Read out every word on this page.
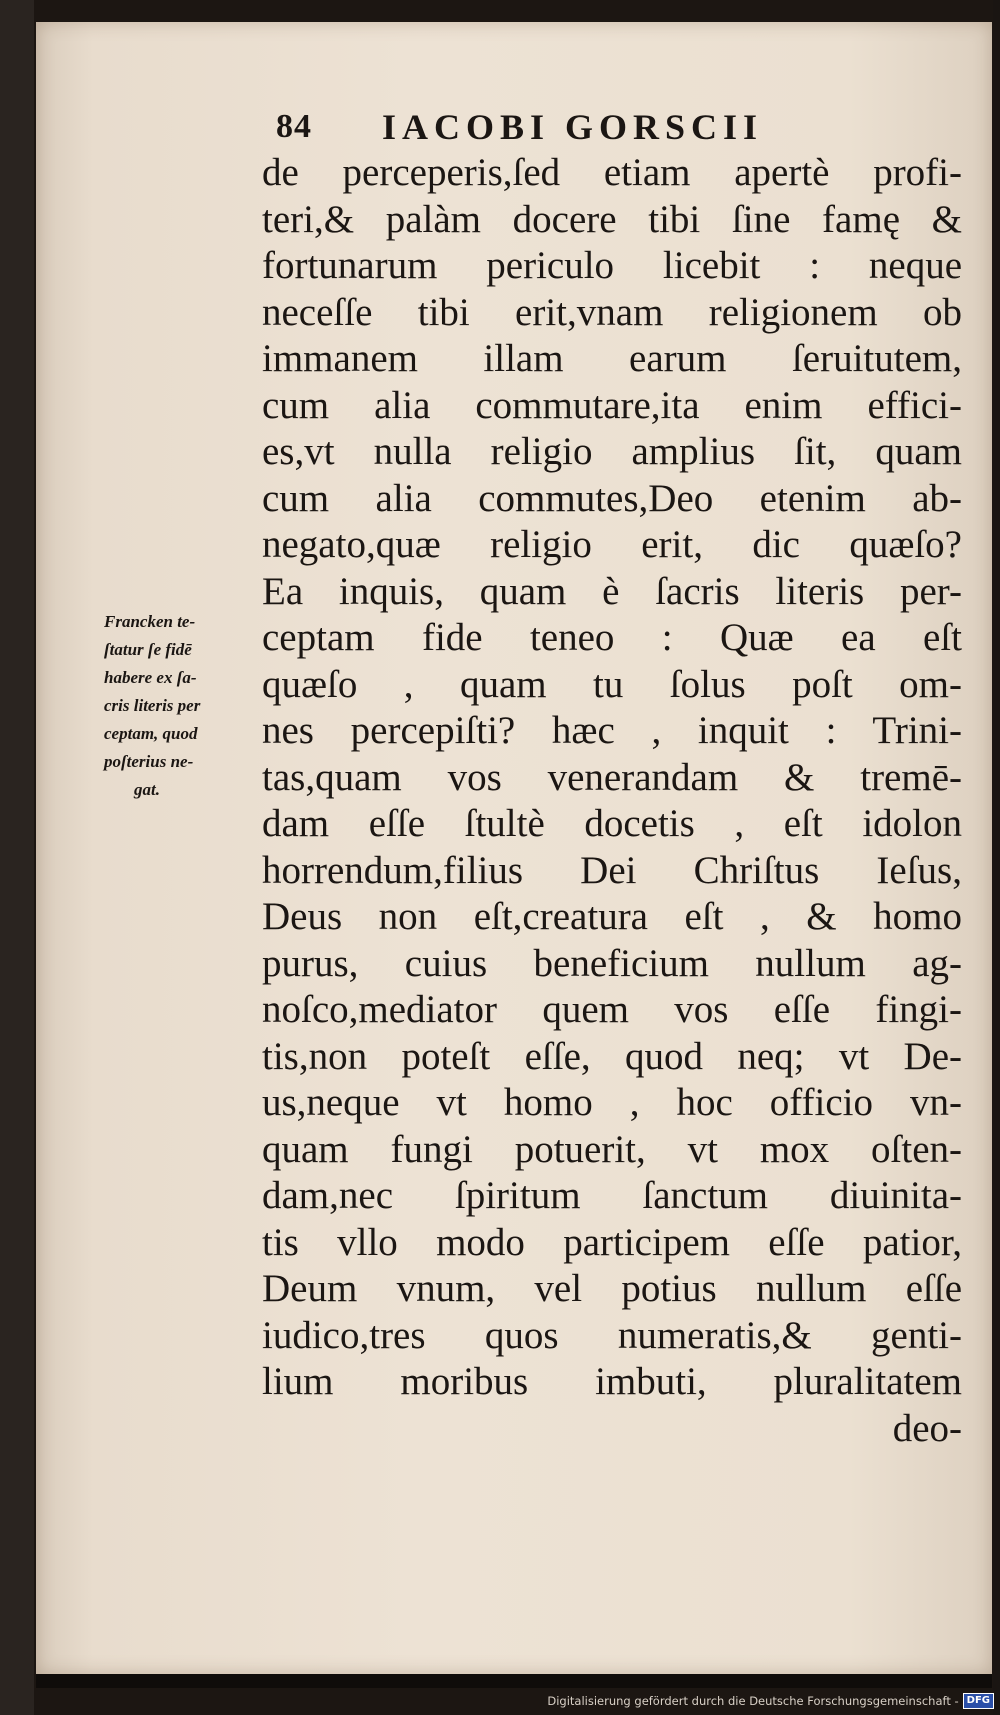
84 IACOBI GORSCII
de perceperis,ſed etiam apertè profi-
teri,& palàm docere tibi ſine famę &
fortunarum periculo licebit : neque
neceſſe tibi erit,vnam religionem ob
immanem illam earum ſeruitutem,
cum alia commutare,ita enim effici-
es,vt nulla religio amplius ſit, quam
cum alia commutes,Deo etenim ab-
negato,quæ religio erit, dic quæſo?
Ea inquis, quam è ſacris literis per-
ceptam fide teneo : Quæ ea eſt
quæſo , quam tu ſolus poſt om-
nes percepiſti? hæc , inquit : Trini-
tas,quam vos venerandam & tremē-
dam eſſe ſtultè docetis , eſt idolon
horrendum,filius Dei Chriſtus Ieſus,
Deus non eſt,creatura eſt , & homo
purus, cuius beneficium nullum ag-
noſco,mediator quem vos eſſe fingi-
tis,non poteſt eſſe, quod neq; vt De-
us,neque vt homo , hoc officio vn-
quam fungi potuerit, vt mox oſten-
dam,nec ſpiritum ſanctum diuinita-
tis vllo modo participem eſſe patior,
Deum vnum, vel potius nullum eſſe
iudico,tres quos numeratis,& genti-
lium moribus imbuti, pluralitatem
deo-
Francken te-
ſtatur ſe fidē
habere ex ſa-
cris literis per
ceptam, quod
poſterius ne-
gat.
Digitalisierung gefördert durch die Deutsche Forschungsgemeinschaft - DFG
